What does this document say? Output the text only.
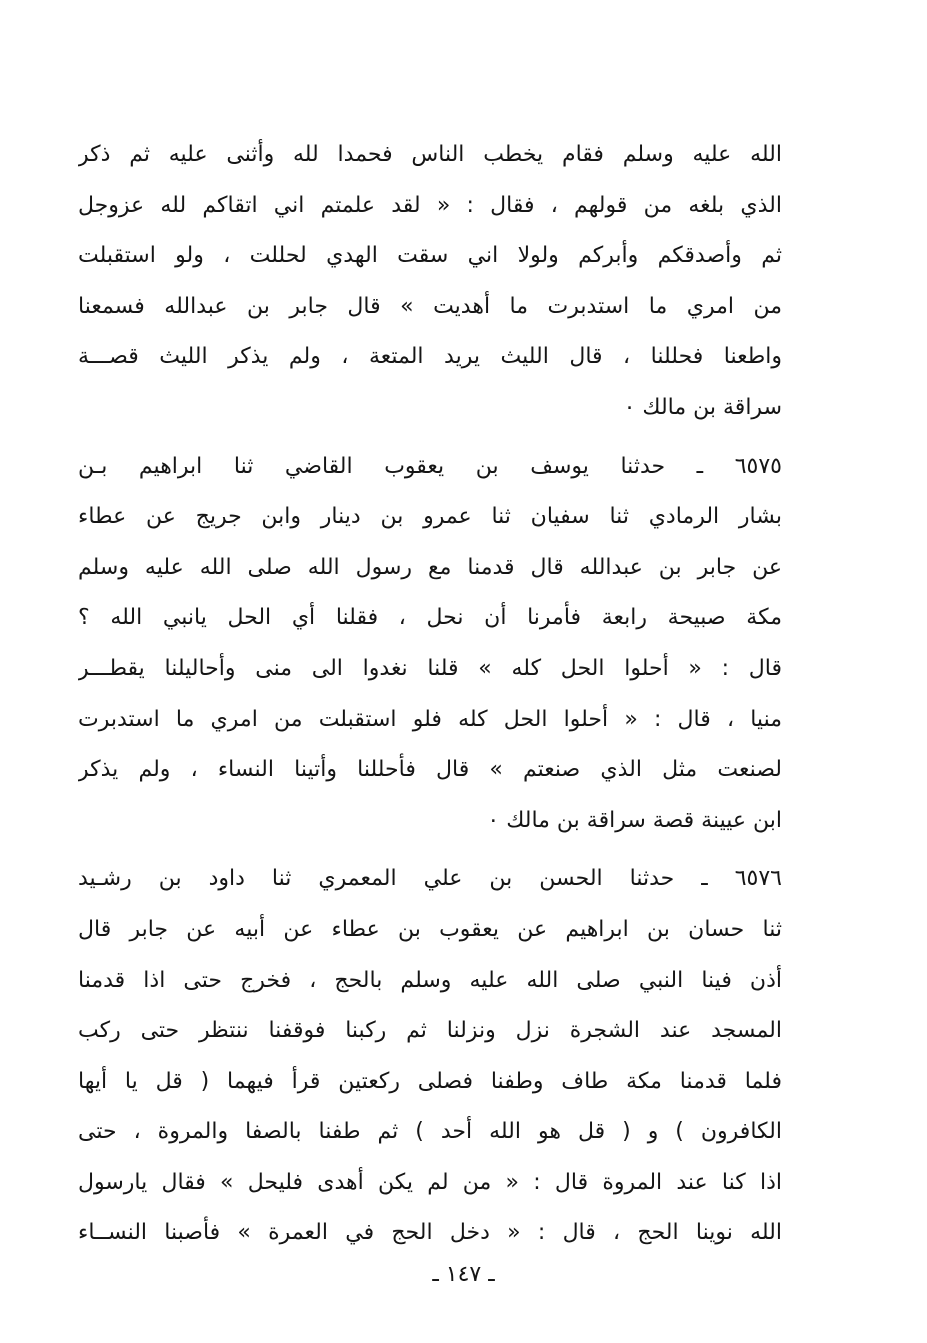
الله عليه وسلم فقام يخطب الناس فحمدا لله وأثنى عليه ثم ذكر
الذي بلغه من قولهم ، فقال : « لقد علمتم اني اتقاكم لله عزوجل
ثم وأصدقكم وأبركم ولولا اني سقت الهدي لحللت ، ولو استقبلت
من امري ما استدبرت ما أهديت » قال جابر بن عبدالله فسمعنا
واطعنا فحللنا ، قال الليث يريد المتعة ، ولم يذكر الليث قصـــة
سراقة بن مالك ٠
٦٥٧٥ ـ حدثنا يوسف بن يعقوب القاضي ثنا ابراهيم بـن
بشار الرمادي ثنا سفيان ثنا عمرو بن دينار وابن جريج عن عطاء
عن جابر بن عبدالله قال قدمنا مع رسول الله صلى الله عليه وسلم
مكة صبيحة رابعة فأمرنا أن نحل ، فقلنا أي الحل يانبي الله ؟
قال : « أحلوا الحل كله » قلنا نغدوا الى منى وأحاليلنا يقطـــر
منيا ، قال : « أحلوا الحل كله فلو استقبلت من امري ما استدبرت
لصنعت مثل الذي صنعتم » قال فأحللنا وأتينا النساء ، ولم يذكر
ابن عيينة قصة سراقة بن مالك ٠
٦٥٧٦ ـ حدثنا الحسن بن علي المعمري ثنا داود بن رشـيد
ثنا حسان بن ابراهيم عن يعقوب بن عطاء عن أبيه عن جابر قال
أذن فينا النبي صلى الله عليه وسلم بالحج ، فخرج حتى اذا قدمنا
المسجد عند الشجرة نزل ونزلنا ثم ركبنا فوقفنا ننتظر حتى ركب
فلما قدمنا مكة طاف وطفنا فصلى ركعتين قرأ فيهما ( قل يا أيها
الكافرون ) و ( قل هو الله أحد ) ثم طفنا بالصفا والمروة ، حتى
اذا كنا عند المروة قال : « من لم يكن أهدى فليحل » فقال يارسول
الله نوينا الحج ، قال : « دخل الحج في العمرة » فأصبنا النســاء
ـ ١٤٧ ـ
